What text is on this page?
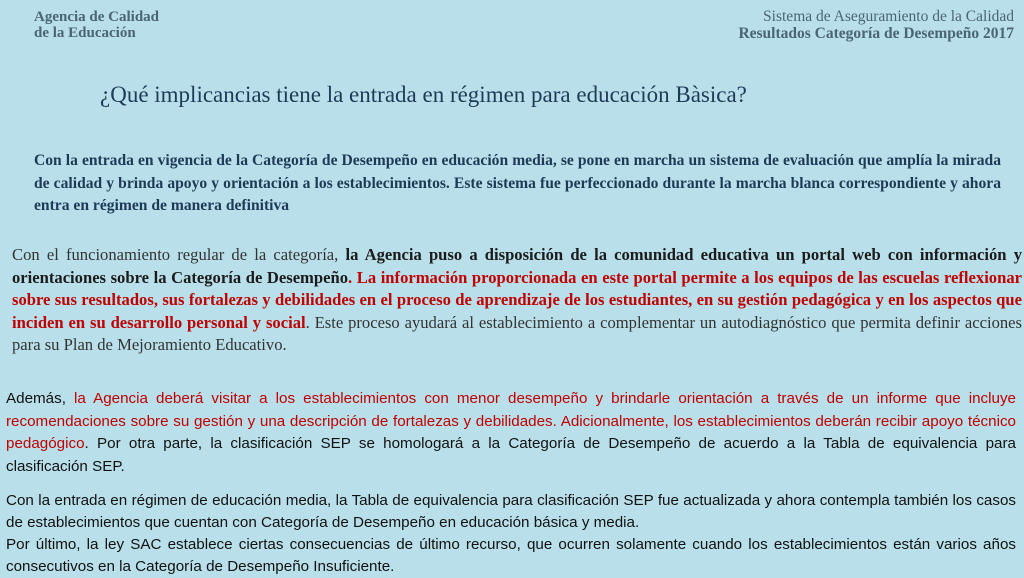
Agencia de Calidad
de la Educación
Sistema de Aseguramiento de la Calidad
Resultados Categoría de Desempeño 2017
¿Qué implicancias tiene la entrada en régimen para educación Bàsica?
Con la entrada en vigencia de la Categoría de Desempeño en educación media, se pone en marcha un sistema de evaluación que amplía la mirada de calidad y brinda apoyo y orientación a los establecimientos. Este sistema fue perfeccionado durante la marcha blanca correspondiente y ahora entra en régimen de manera definitiva
Con el funcionamiento regular de la categoría, la Agencia puso a disposición de la comunidad educativa un portal web con información y orientaciones sobre la Categoría de Desempeño. La información proporcionada en este portal permite a los equipos de las escuelas reflexionar sobre sus resultados, sus fortalezas y debilidades en el proceso de aprendizaje de los estudiantes, en su gestión pedagógica y en los aspectos que inciden en su desarrollo personal y social. Este proceso ayudará al establecimiento a complementar un autodiagnóstico que permita definir acciones para su Plan de Mejoramiento Educativo.
Además, la Agencia deberá visitar a los establecimientos con menor desempeño y brindarle orientación a través de un informe que incluye recomendaciones sobre su gestión y una descripción de fortalezas y debilidades. Adicionalmente, los establecimientos deberán recibir apoyo técnico pedagógico. Por otra parte, la clasificación SEP se homologará a la Categoría de Desempeño de acuerdo a la Tabla de equivalencia para clasificación SEP.
Con la entrada en régimen de educación media, la Tabla de equivalencia para clasificación SEP fue actualizada y ahora contempla también los casos de establecimientos que cuentan con Categoría de Desempeño en educación básica y media.
Por último, la ley SAC establece ciertas consecuencias de último recurso, que ocurren solamente cuando los establecimientos están varios años consecutivos en la Categoría de Desempeño Insuficiente.
